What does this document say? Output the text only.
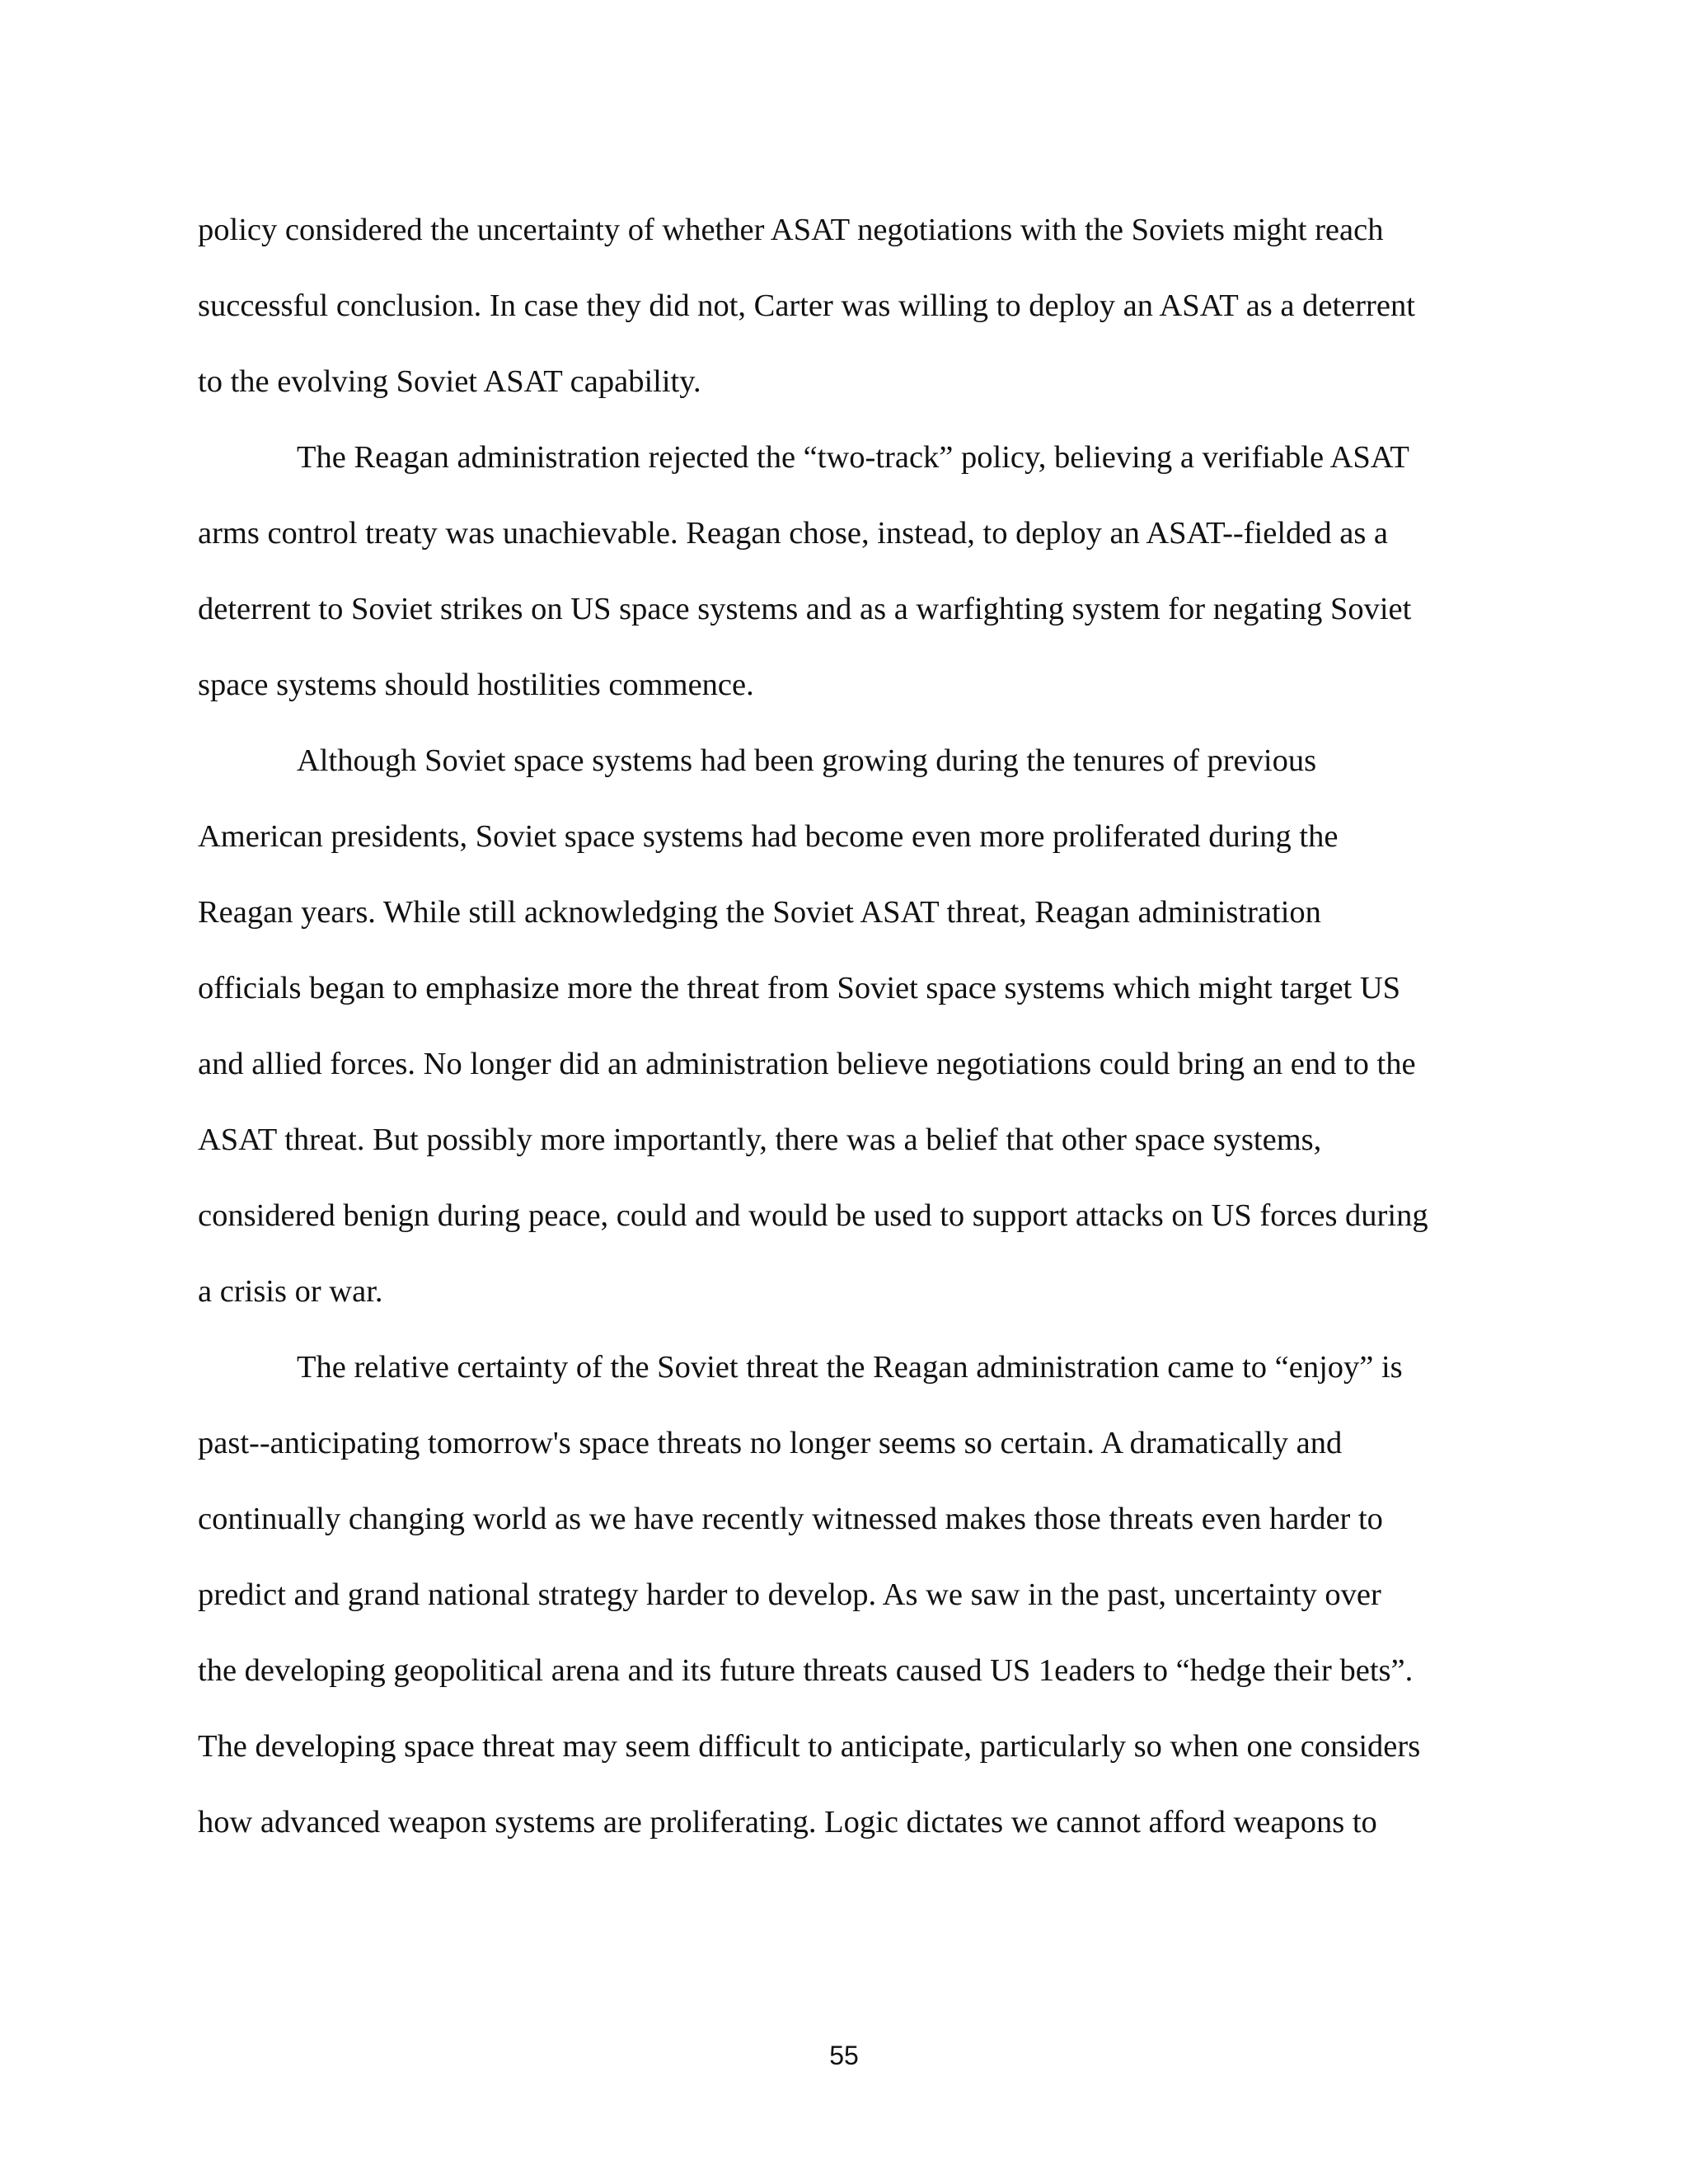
policy considered the uncertainty of whether ASAT negotiations with the Soviets might reach
successful conclusion. In case they did not, Carter was willing to deploy an ASAT as a deterrent
to the evolving Soviet ASAT capability.
The Reagan administration rejected the “two-track” policy, believing a verifiable ASAT
arms control treaty was unachievable. Reagan chose, instead, to deploy an ASAT--fielded as a
deterrent to Soviet strikes on US space systems and as a warfighting system for negating Soviet
space systems should hostilities commence.
Although Soviet space systems had been growing during the tenures of previous
American presidents, Soviet space systems had become even more proliferated during the
Reagan years. While still acknowledging the Soviet ASAT threat, Reagan administration
officials began to emphasize more the threat from Soviet space systems which might target US
and allied forces. No longer did an administration believe negotiations could bring an end to the
ASAT threat. But possibly more importantly, there was a belief that other space systems,
considered benign during peace, could and would be used to support attacks on US forces during
a crisis or war.
The relative certainty of the Soviet threat the Reagan administration came to “enjoy” is
past--anticipating tomorrow's space threats no longer seems so certain. A dramatically and
continually changing world as we have recently witnessed makes those threats even harder to
predict and grand national strategy harder to develop. As we saw in the past, uncertainty over
the developing geopolitical arena and its future threats caused US 1eaders to “hedge their bets”.
The developing space threat may seem difficult to anticipate, particularly so when one considers
how advanced weapon systems are proliferating. Logic dictates we cannot afford weapons to
55
